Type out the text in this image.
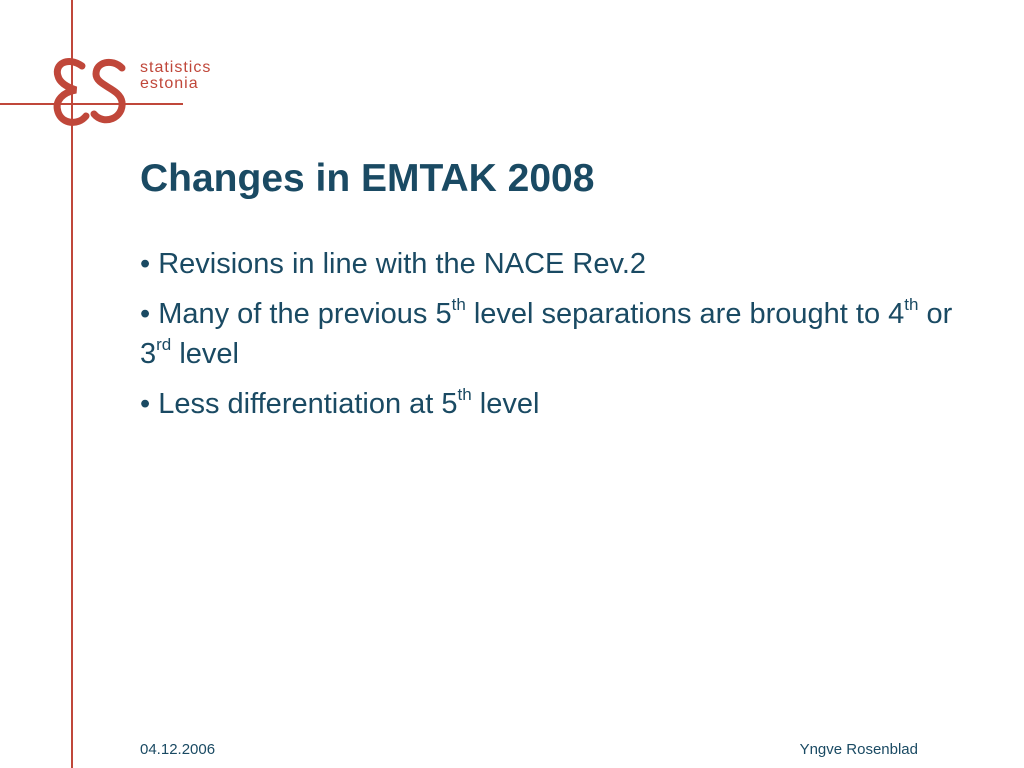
statistics
estonia
Changes in EMTAK 2008
• Revisions in line with the NACE Rev.2
• Many of the previous 5th level separations are brought to 4th or 3rd level
• Less differentiation at 5th level
04.12.2006	Yngve Rosenblad
